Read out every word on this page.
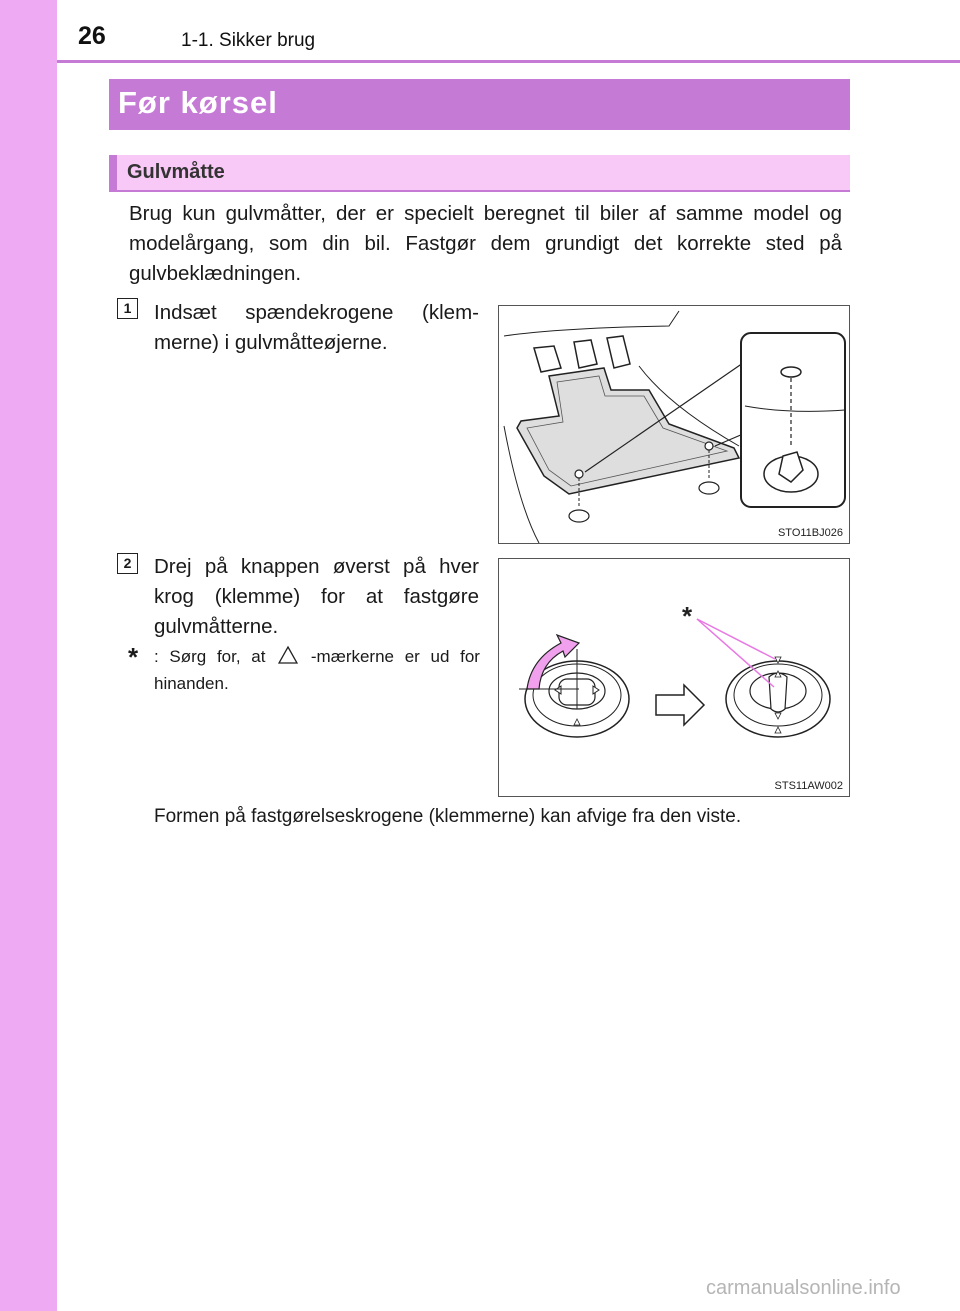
26	1-1. Sikker brug
Før kørsel
Gulvmåtte
Brug kun gulvmåtter, der er specielt beregnet til biler af samme model og modelårgang, som din bil. Fastgør dem grundigt det korrekte sted på gulvbeklædningen.
1	Indsæt spændekrogene (klem-merne) i gulvmåtteøjerne.
STO11BJ026
2	Drej på knappen øverst på hver krog (klemme) for at fastgøre gulvmåtterne.
* : Sørg for, at	-mærkerne er ud for hinanden.
*
STS11AW002
Formen på fastgørelseskrogene (klemmerne) kan afvige fra den viste.
carmanualsonline.info
